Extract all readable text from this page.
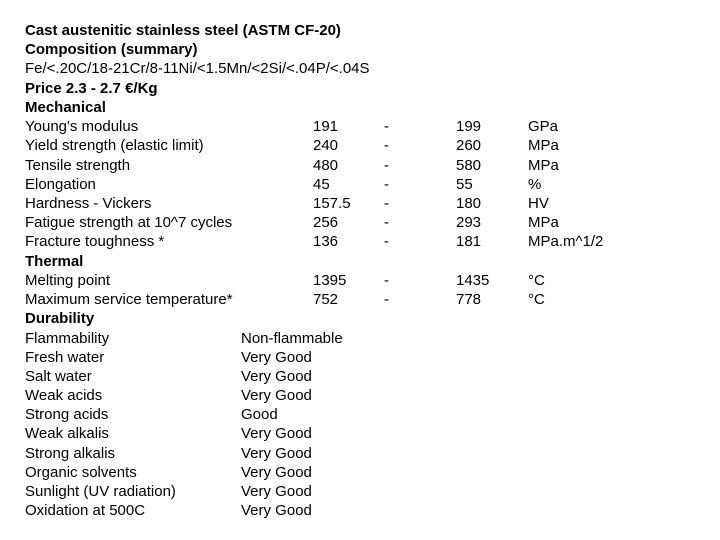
Cast austenitic stainless steel (ASTM CF-20)
Composition (summary)
Fe/<.20C/18-21Cr/8-11Ni/<1.5Mn/<2Si/<.04P/<.04S
Price 2.3 - 2.7 €/Kg
Mechanical
Young's modulus	191	-	199	GPa
Yield strength (elastic limit)	240	-	260	MPa
Tensile strength	480	-	580	MPa
Elongation	45	-	55	%
Hardness - Vickers	157.5 -	180	HV
Fatigue strength at 10^7 cycles	256	-	293	MPa
Fracture toughness *	136	-	181	MPa.m^1/2
Thermal
Melting point	1395	-	1435	°C
Maximum service temperature*	752	-	778	°C
Durability
Flammability	Non-flammable
Fresh water	Very Good
Salt water	Very Good
Weak acids	Very Good
Strong acids	Good
Weak alkalis	Very Good
Strong alkalis	Very Good
Organic solvents	Very Good
Sunlight (UV radiation)	Very Good
Oxidation at 500C	Very Good
